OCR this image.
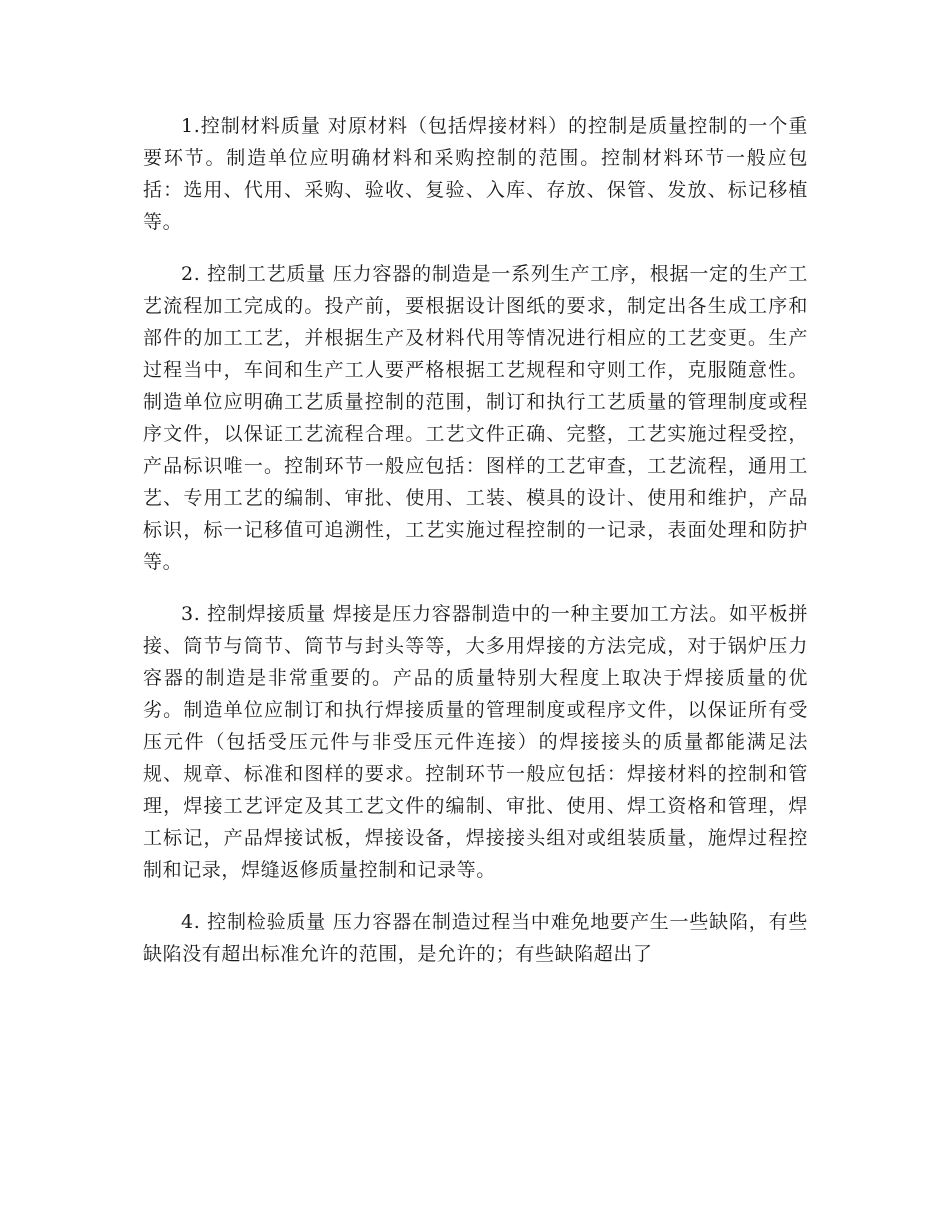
1.控制材料质量 对原材料（包括焊接材料）的控制是质量控制的一个重要环节。制造单位应明确材料和采购控制的范围。控制材料环节一般应包括：选用、代用、采购、验收、复验、入库、存放、保管、发放、标记移植等。

2. 控制工艺质量 压力容器的制造是一系列生产工序，根据一定的生产工艺流程加工完成的。投产前，要根据设计图纸的要求，制定出各生成工序和部件的加工工艺，并根据生产及材料代用等情况进行相应的工艺变更。生产过程当中，车间和生产工人要严格根据工艺规程和守则工作，克服随意性。制造单位应明确工艺质量控制的范围，制订和执行工艺质量的管理制度或程序文件，以保证工艺流程合理。工艺文件正确、完整，工艺实施过程受控，产品标识唯一。控制环节一般应包括：图样的工艺审查，工艺流程，通用工艺、专用工艺的编制、审批、使用、工装、模具的设计、使用和维护，产品标识，标一记移值可追溯性，工艺实施过程控制的一记录，表面处理和防护等。

3. 控制焊接质量 焊接是压力容器制造中的一种主要加工方法。如平板拼接、筒节与筒节、筒节与封头等等，大多用焊接的方法完成，对于锅炉压力容器的制造是非常重要的。产品的质量特别大程度上取决于焊接质量的优劣。制造单位应制订和执行焊接质量的管理制度或程序文件，以保证所有受压元件（包括受压元件与非受压元件连接）的焊接接头的质量都能满足法规、规章、标准和图样的要求。控制环节一般应包括：焊接材料的控制和管理，焊接工艺评定及其工艺文件的编制、审批、使用、焊工资格和管理，焊工标记，产品焊接试板，焊接设备，焊接接头组对或组装质量，施焊过程控制和记录，焊缝返修质量控制和记录等。

4. 控制检验质量 压力容器在制造过程当中难免地要产生一些缺陷，有些缺陷没有超出标准允许的范围，是允许的；有些缺陷超出了
